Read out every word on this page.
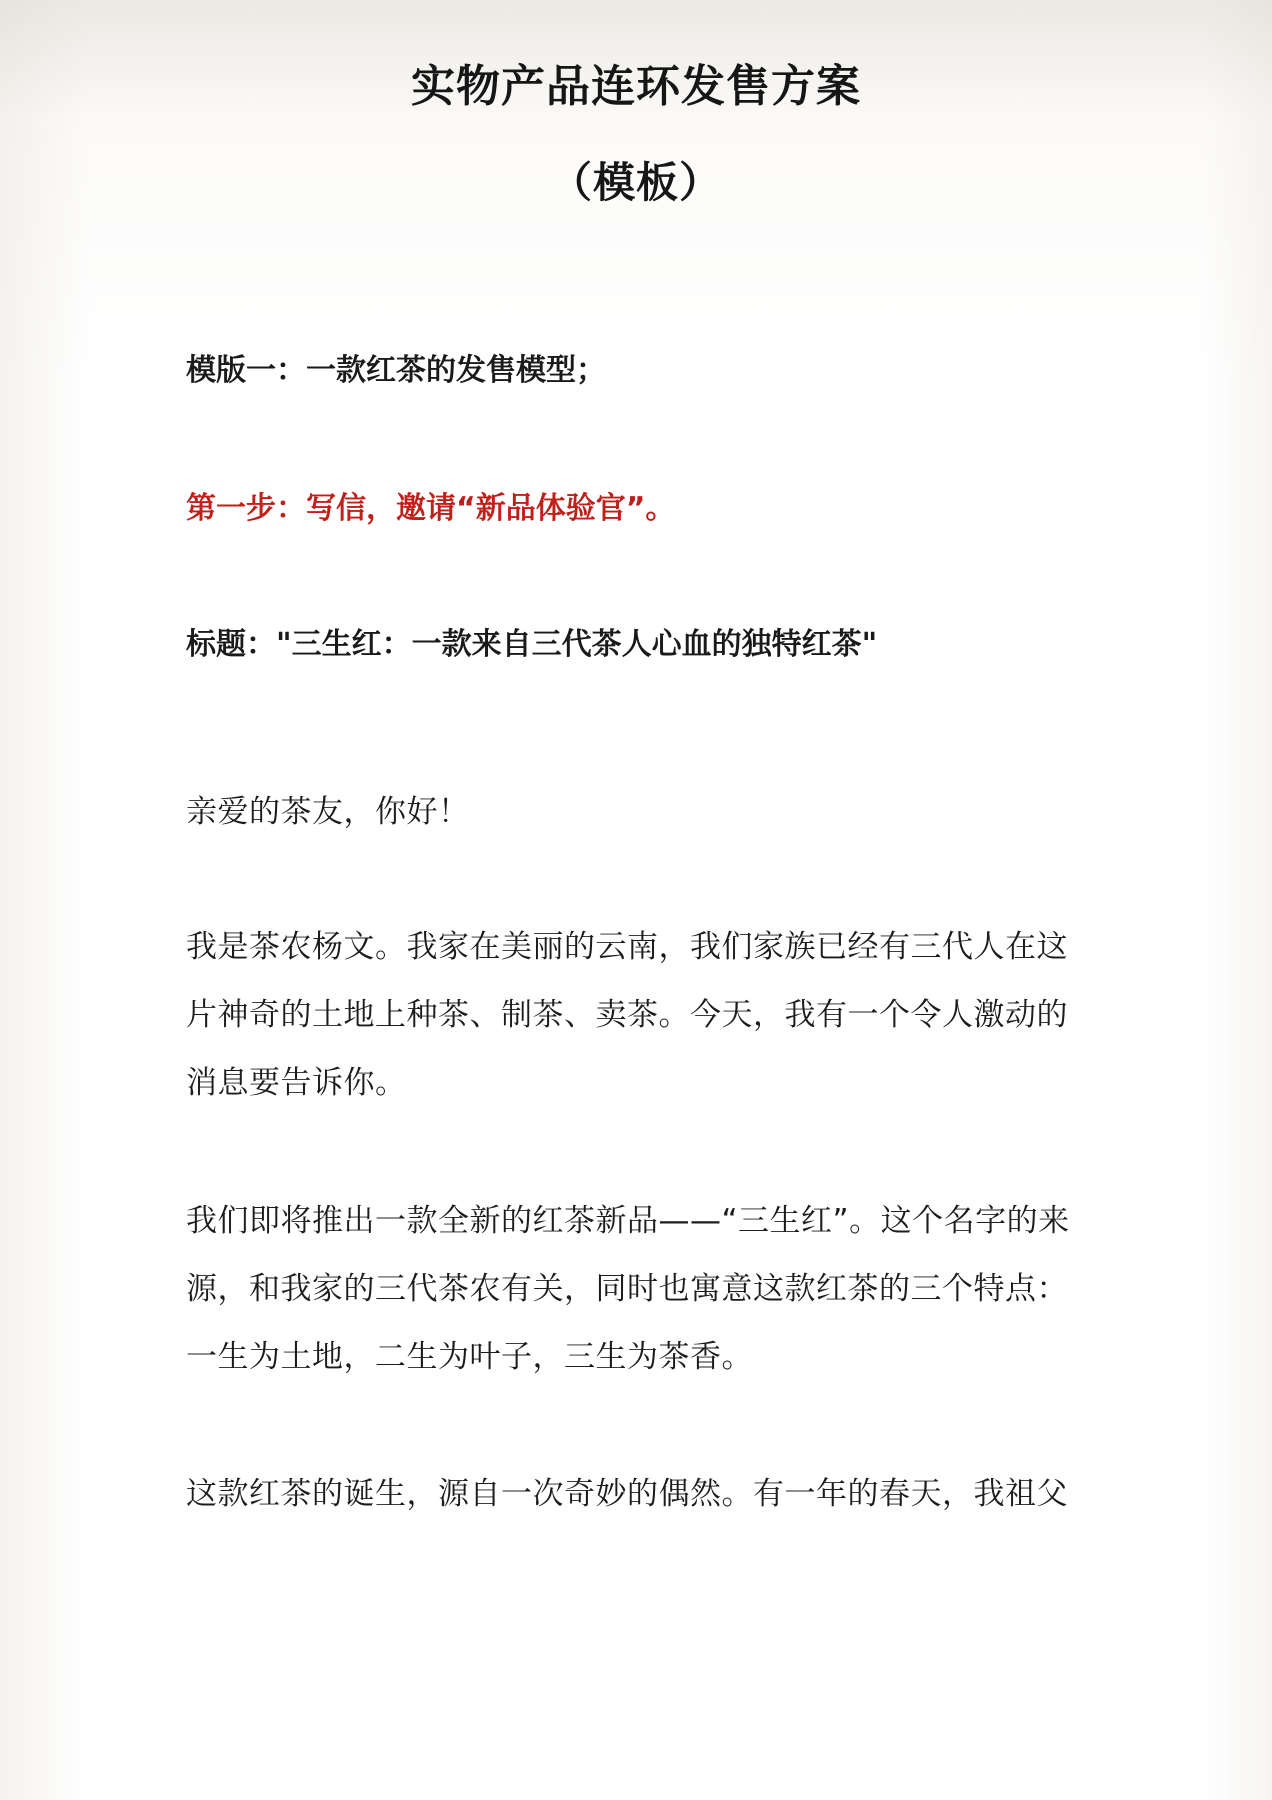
实物产品连环发售方案
（模板）

模版一：一款红茶的发售模型；

第一步：写信，邀请“新品体验官”。

标题："三生红：一款来自三代茶人心血的独特红茶"

亲爱的茶友，你好！

我是茶农杨文。我家在美丽的云南，我们家族已经有三代人在这片神奇的土地上种茶、制茶、卖茶。今天，我有一个令人激动的消息要告诉你。

我们即将推出一款全新的红茶新品——“三生红”。这个名字的来源，和我家的三代茶农有关，同时也寓意这款红茶的三个特点：一生为土地，二生为叶子，三生为茶香。

这款红茶的诞生，源自一次奇妙的偶然。有一年的春天，我祖父
